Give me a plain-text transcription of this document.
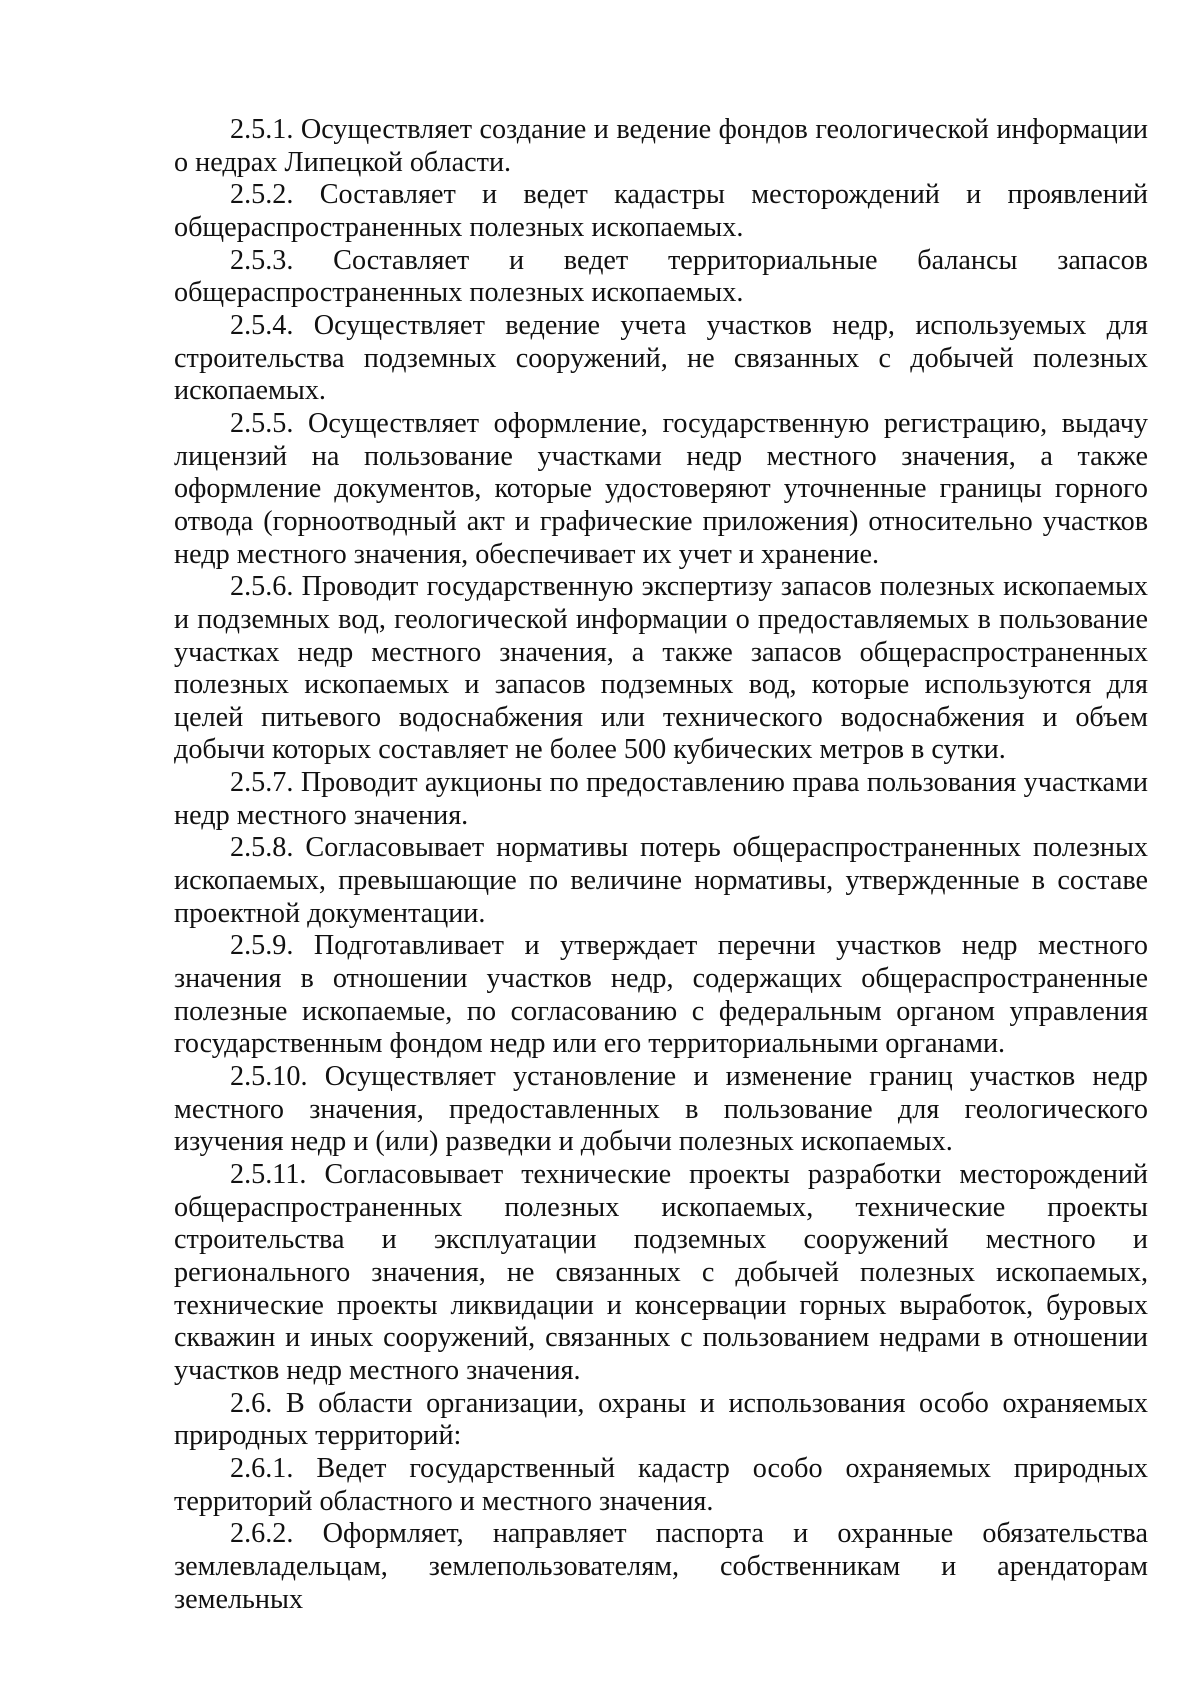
2.5.1. Осуществляет создание и ведение фондов геологической информации о недрах Липецкой области.

2.5.2. Составляет и ведет кадастры месторождений и проявлений общераспространенных полезных ископаемых.

2.5.3. Составляет и ведет территориальные балансы запасов общераспространенных полезных ископаемых.

2.5.4. Осуществляет ведение учета участков недр, используемых для строительства подземных сооружений, не связанных с добычей полезных ископаемых.

2.5.5. Осуществляет оформление, государственную регистрацию, выдачу лицензий на пользование участками недр местного значения, а также оформление документов, которые удостоверяют уточненные границы горного отвода (горноотводный акт и графические приложения) относительно участков недр местного значения, обеспечивает их учет и хранение.

2.5.6. Проводит государственную экспертизу запасов полезных ископаемых и подземных вод, геологической информации о предоставляемых в пользование участках недр местного значения, а также запасов общераспространенных полезных ископаемых и запасов подземных вод, которые используются для целей питьевого водоснабжения или технического водоснабжения и объем добычи которых составляет не более 500 кубических метров в сутки.

2.5.7. Проводит аукционы по предоставлению права пользования участками недр местного значения.

2.5.8. Согласовывает нормативы потерь общераспространенных полезных ископаемых, превышающие по величине нормативы, утвержденные в составе проектной документации.

2.5.9. Подготавливает и утверждает перечни участков недр местного значения в отношении участков недр, содержащих общераспространенные полезные ископаемые, по согласованию с федеральным органом управления государственным фондом недр или его территориальными органами.

2.5.10. Осуществляет установление и изменение границ участков недр местного значения, предоставленных в пользование для геологического изучения недр и (или) разведки и добычи полезных ископаемых.

2.5.11. Согласовывает технические проекты разработки месторождений общераспространенных полезных ископаемых, технические проекты строительства и эксплуатации подземных сооружений местного и регионального значения, не связанных с добычей полезных ископаемых, технические проекты ликвидации и консервации горных выработок, буровых скважин и иных сооружений, связанных с пользованием недрами в отношении участков недр местного значения.

2.6. В области организации, охраны и использования особо охраняемых природных территорий:

2.6.1. Ведет государственный кадастр особо охраняемых природных территорий областного и местного значения.

2.6.2. Оформляет, направляет паспорта и охранные обязательства землевладельцам, землепользователям, собственникам и арендаторам земельных
